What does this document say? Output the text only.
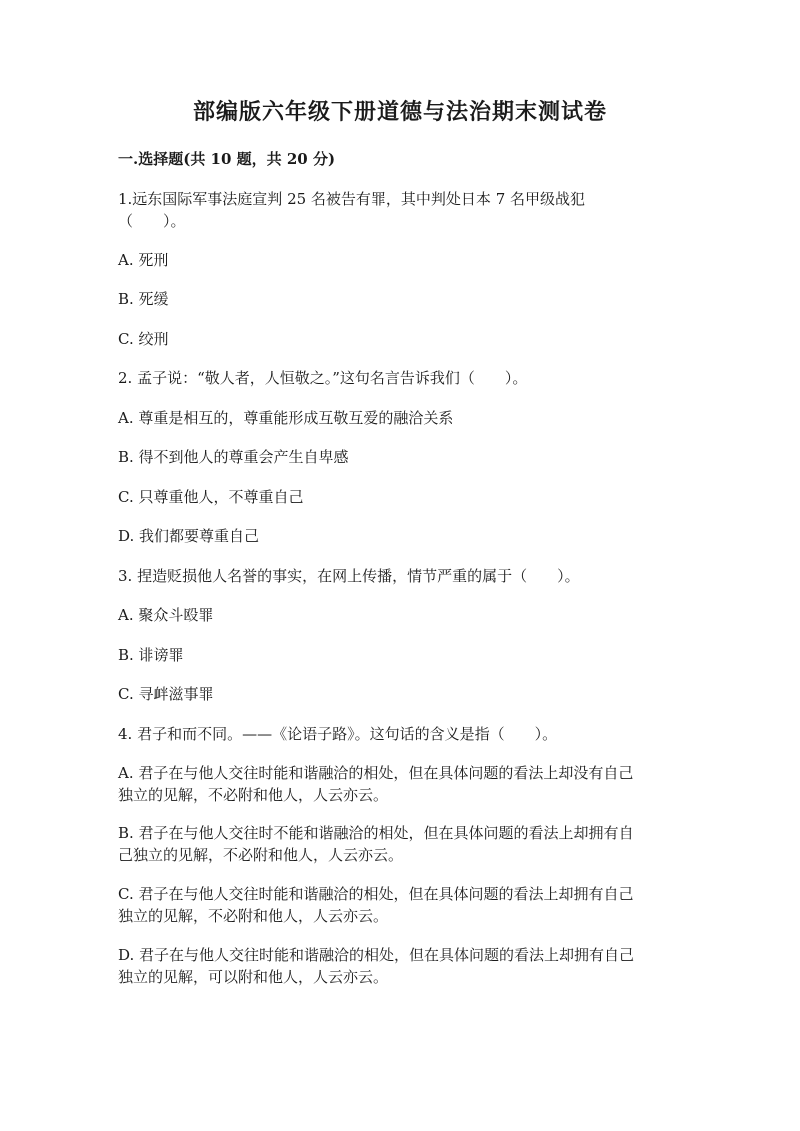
部编版六年级下册道德与法治期末测试卷
一.选择题(共 10 题，共 20 分)
1.远东国际军事法庭宣判 25 名被告有罪，其中判处日本 7 名甲级战犯
（　　）。
A. 死刑
B. 死缓
C. 绞刑
2. 孟子说：“敬人者，人恒敬之。”这句名言告诉我们（　　）。
A. 尊重是相互的，尊重能形成互敬互爱的融洽关系
B. 得不到他人的尊重会产生自卑感
C. 只尊重他人，不尊重自己
D. 我们都要尊重自己
3. 捏造贬损他人名誉的事实，在网上传播，情节严重的属于（　　）。
A. 聚众斗殴罪
B. 诽谤罪
C. 寻衅滋事罪
4. 君子和而不同。——《论语子路》。这句话的含义是指（　　）。
A. 君子在与他人交往时能和谐融洽的相处，但在具体问题的看法上却没有自己
独立的见解，不必附和他人，人云亦云。
B. 君子在与他人交往时不能和谐融洽的相处，但在具体问题的看法上却拥有自
己独立的见解，不必附和他人，人云亦云。
C. 君子在与他人交往时能和谐融洽的相处，但在具体问题的看法上却拥有自己
独立的见解，不必附和他人，人云亦云。
D. 君子在与他人交往时能和谐融洽的相处，但在具体问题的看法上却拥有自己
独立的见解，可以附和他人，人云亦云。
